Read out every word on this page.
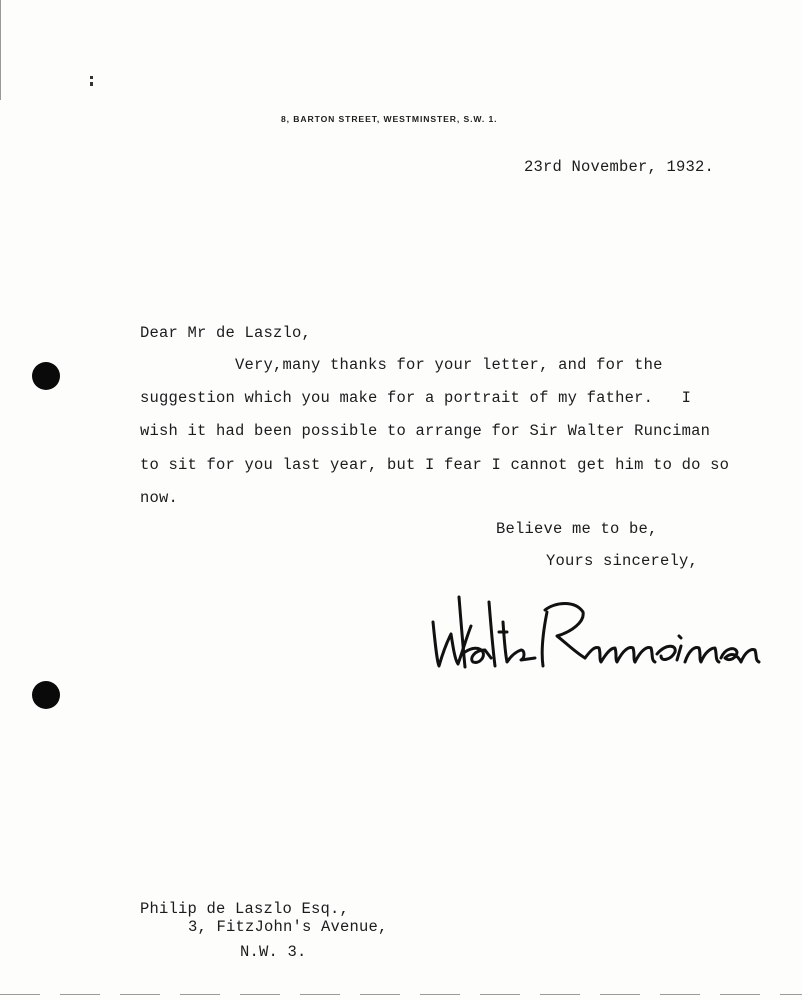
8, BARTON STREET, WESTMINSTER, S.W. 1.
23rd November, 1932.
Dear Mr de Laszlo,
Very,many thanks for your letter, and for the
suggestion which you make for a portrait of my father.   I
wish it had been possible to arrange for Sir Walter Runciman
to sit for you last year, but I fear I cannot get him to do so
now.
Believe me to be,
Yours sincerely,
Philip de Laszlo Esq.,
3, FitzJohn's Avenue,
N.W. 3.
